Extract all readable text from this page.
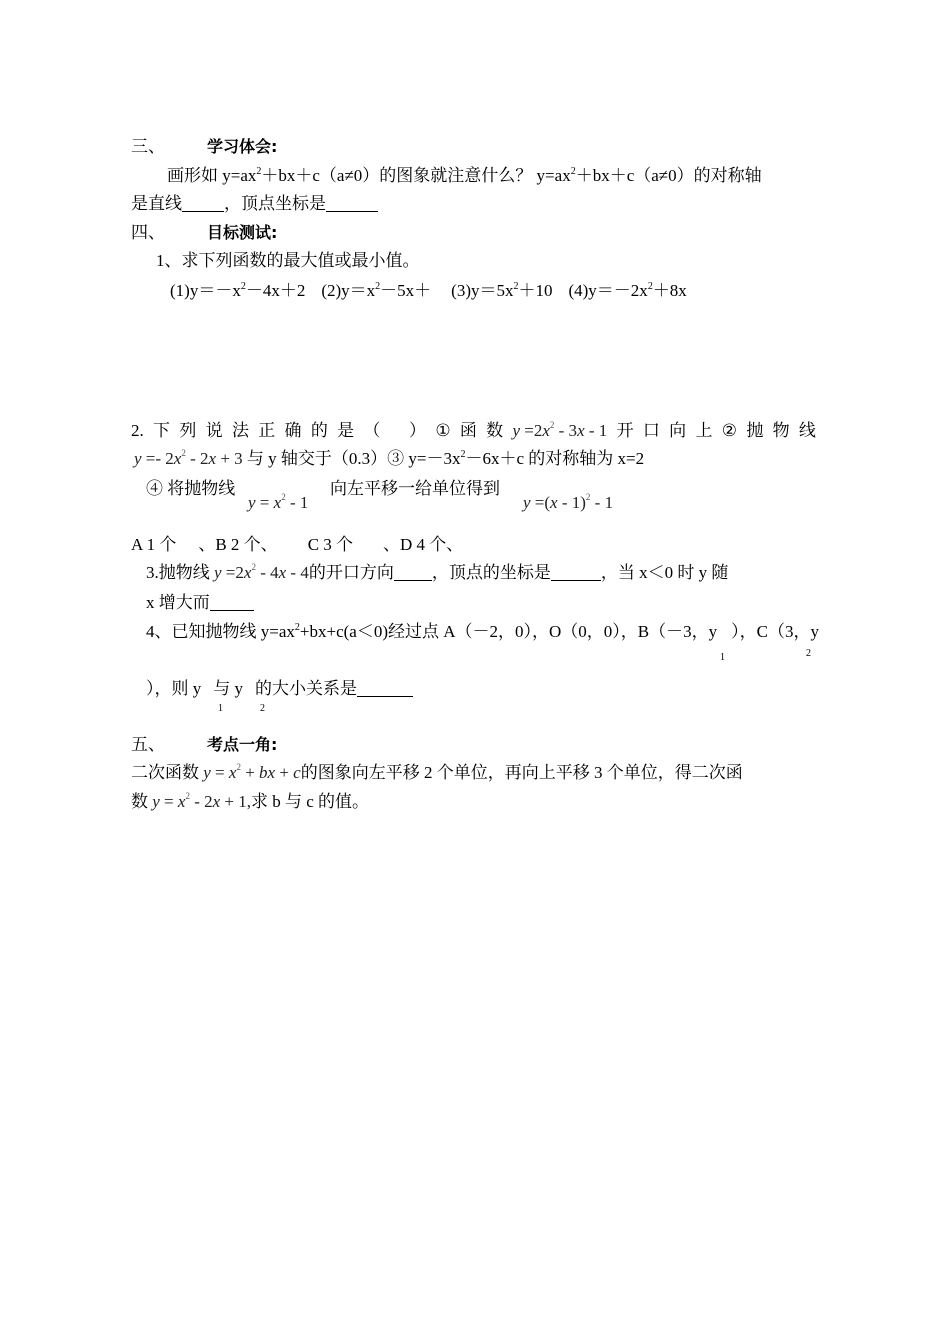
三、	学习体会:
画形如 $y=ax^2+bx+c(a\ne 0)$的图象就注意什么？ $y=ax^2+bx+c(a\ne 0)$的对称轴
是直线 ，顶点坐标是
四、	目标测试:
1、求下列函数的最大值或最小值。
$(1)y=-x^2-4x+2$ $(2)y=x^2-5x+ (3)y=5x^2+10$ $(4)y=-2x^2+8x$
2. 下 列 说 法 正 确 的 是 （ ） ① 函 数 $y =2x^2 - 3x - 1$ 开 口 向 上 ② 抛 物 线
$y =- 2x^2 - 2x + 3$ 与 y 轴交于（0.3）③ $y=-3x^2-6x+c$ 的对称轴为 x=2
④ 将抛物线
$y = x^2 - 1$
向左平移一给单位得到
y =(x - 1)$^2$ - 1
A 1 个 、B 2 个、 C 3 个 、D 4 个、
3.抛物线 $y =2x^2 - 4x - 4$的开口方向 ，顶点的坐标是	，当 x＜0 时 y 随
x 增大而
4、已知抛物线 $y=ax^2+bx+c(a<0)$经过点 A（－2，0），O（0，0），B（－3，y ），C（3，y
1	2
），则 y 与 y 的大小关系是
1	2
五、	考点一角:
二次函数 $y = x^2$ + bx + c的图象向左平移 2 个单位，再向上平移 3 个单位，得二次函
数 $y = x^2 - 2x + 1$,求 b 与 c 的值。
